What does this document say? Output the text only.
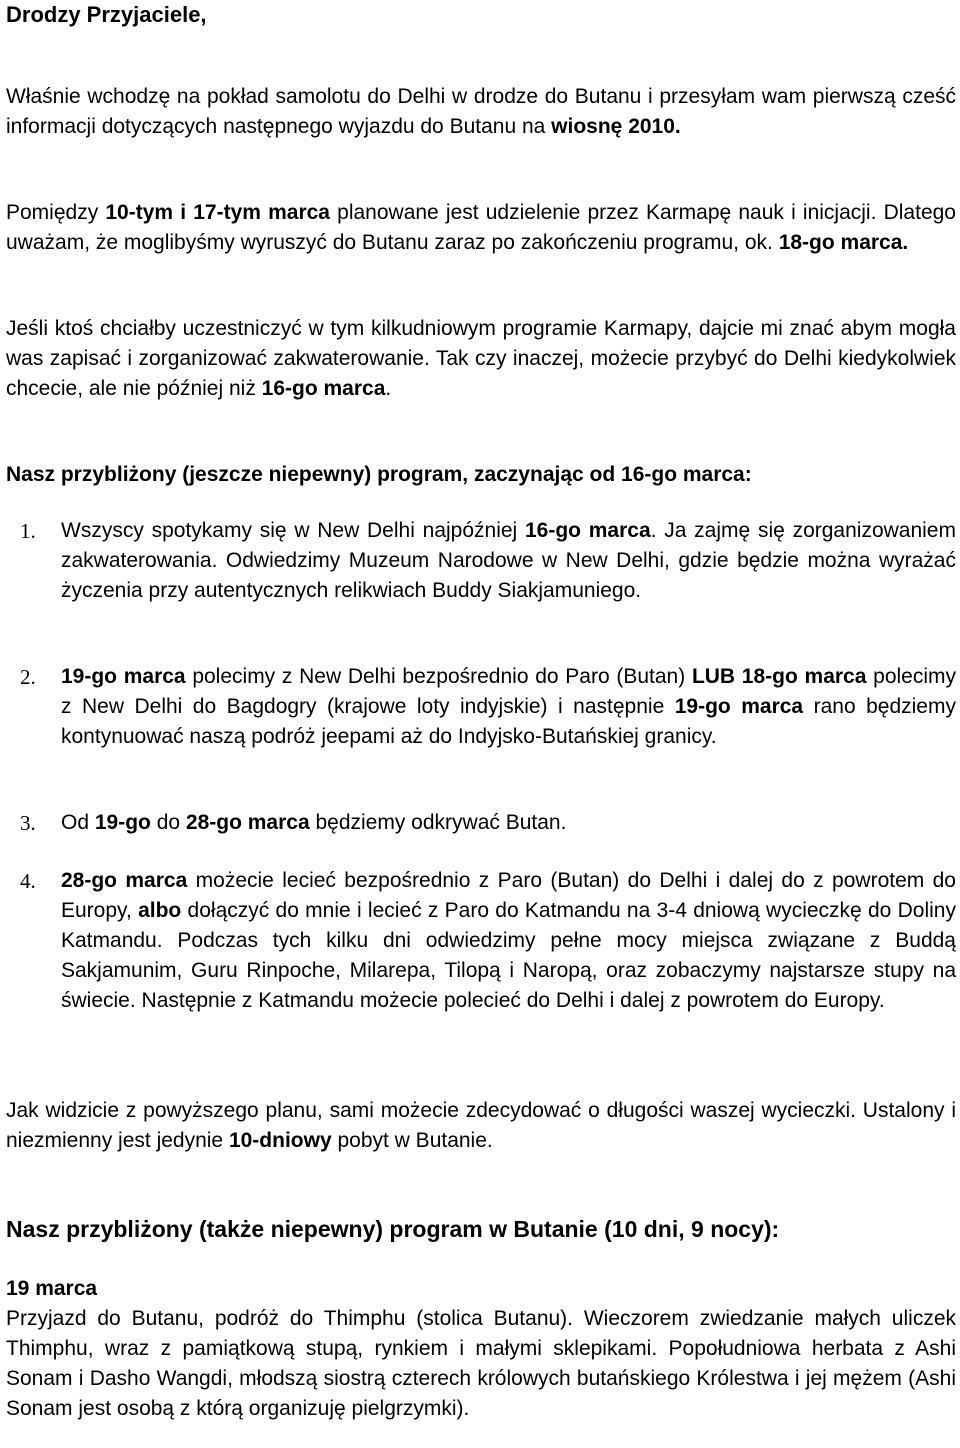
Drodzy Przyjaciele,
Właśnie wchodzę na pokład samolotu do Delhi w drodze do Butanu i przesyłam wam pierwszą cześć informacji dotyczących następnego wyjazdu do Butanu na wiosnę 2010.
Pomiędzy 10-tym i 17-tym marca planowane jest udzielenie przez Karmapę nauk i inicjacji. Dlatego uważam, że moglibyśmy wyruszyć do Butanu zaraz po zakończeniu programu, ok. 18-go marca.
Jeśli ktoś chciałby uczestniczyć w tym kilkudniowym programie Karmapy, dajcie mi znać abym mogła was zapisać i zorganizować zakwaterowanie. Tak czy inaczej, możecie przybyć do Delhi kiedykolwiek chcecie, ale nie później niż 16-go marca.
Nasz przybliżony (jeszcze niepewny) program, zaczynając od 16-go marca:
1. Wszyscy spotykamy się w New Delhi najpóźniej 16-go marca. Ja zajmę się zorganizowaniem zakwaterowania. Odwiedzimy Muzeum Narodowe w New Delhi, gdzie będzie można wyrażać życzenia przy autentycznych relikwiach Buddy Siakjamuniego.
2. 19-go marca polecimy z New Delhi bezpośrednio do Paro (Butan) LUB 18-go marca polecimy z New Delhi do Bagdogry (krajowe loty indyjskie) i następnie 19-go marca rano będziemy kontynuować naszą podróż jeepami aż do Indyjsko-Butańskiej granicy.
3. Od 19-go do 28-go marca będziemy odkrywać Butan.
4. 28-go marca możecie lecieć bezpośrednio z Paro (Butan) do Delhi i dalej do z powrotem do Europy, albo dołączyć do mnie i lecieć z Paro do Katmandu na 3-4 dniową wycieczkę do Doliny Katmandu. Podczas tych kilku dni odwiedzimy pełne mocy miejsca związane z Buddą Sakjamunim, Guru Rinpoche, Milarepa, Tilopą i Naropą, oraz zobaczymy najstarsze stupy na świecie. Następnie z Katmandu możecie polecieć do Delhi i dalej z powrotem do Europy.
Jak widzicie z powyższego planu, sami możecie zdecydować o długości waszej wycieczki. Ustalony i niezmienny jest jedynie 10-dniowy pobyt w Butanie.
Nasz przybliżony (także niepewny) program w Butanie (10 dni, 9 nocy):
19 marca
Przyjazd do Butanu, podróż do Thimphu (stolica Butanu). Wieczorem zwiedzanie małych uliczek Thimphu, wraz z pamiątkową stupą, rynkiem i małymi sklepikami. Popołudniowa herbata z Ashi Sonam i Dasho Wangdi, młodszą siostrą czterech królowych butańskiego Królestwa i jej mężem (Ashi Sonam jest osobą z którą organizuję pielgrzymki).
